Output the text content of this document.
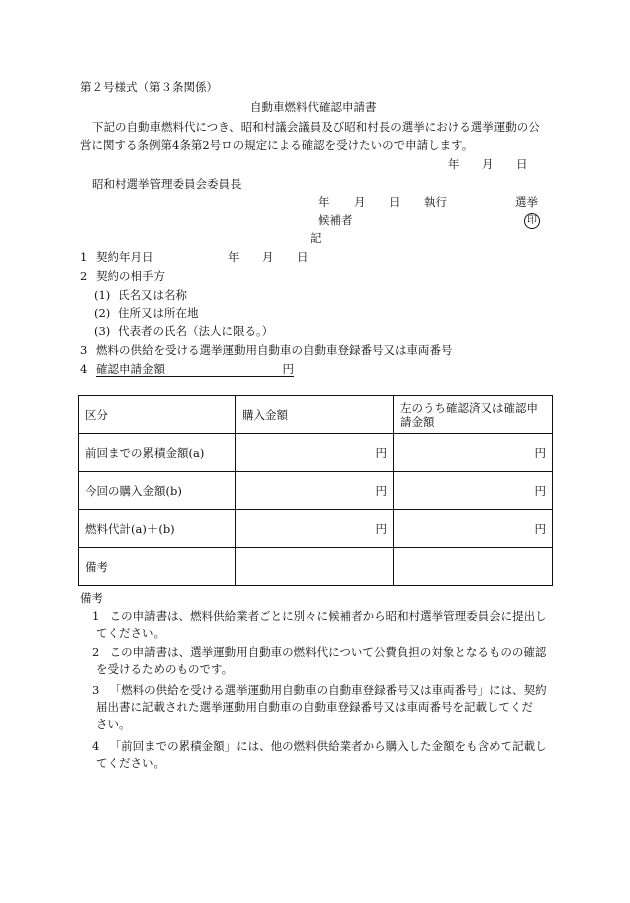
第２号様式（第３条関係）
自動車燃料代確認申請書
下記の自動車燃料代につき、昭和村議会議員及び昭和村長の選挙における選挙運動の公
営に関する条例第4条第2号ロの規定による確認を受けたいので申請します。
年 月 日
昭和村選挙管理委員会委員長
年 月 日 執行	選挙
候補者	印
記
1 契約年月日	年 月 日
2 契約の相手方
(1) 氏名又は名称
(2) 住所又は所在地
(3) 代表者の氏名（法人に限る。）
3 燃料の供給を受ける選挙運動用自動車の自動車登録番号又は車両番号
4 確認申請金額	円
区分	購入金額	左のうち確認済又は確認申請金額
前回までの累積金額(a)	円	円
今回の購入金額(b)	円	円
燃料代計(a)＋(b)	円	円
備考		
備考
1 この申請書は、燃料供給業者ごとに別々に候補者から昭和村選挙管理委員会に提出し
てください。
2 この申請書は、選挙運動用自動車の燃料代について公費負担の対象となるものの確認
を受けるためのものです。
3 「燃料の供給を受ける選挙運動用自動車の自動車登録番号又は車両番号」には、契約
届出書に記載された選挙運動用自動車の自動車登録番号又は車両番号を記載してくだ
さい。
4 「前回までの累積金額」には、他の燃料供給業者から購入した金額をも含めて記載し
てください。
